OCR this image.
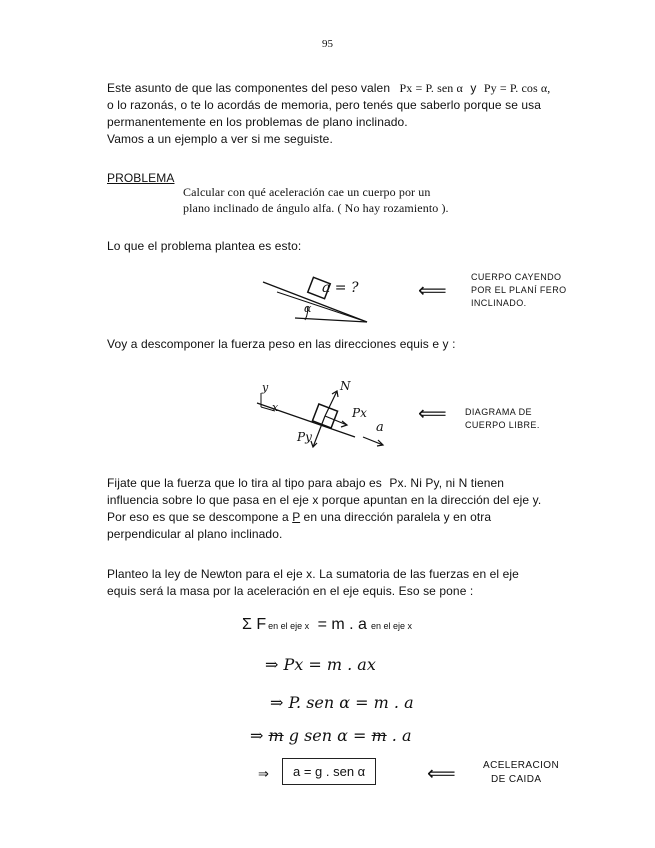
95
Este asunto de que las componentes del peso valen Px = P. sen α y Py = P. cos α,
o lo razonás, o te lo acordás de memoria, pero tenés que saberlo porque se usa
permanentemente en los problemas de plano inclinado.
Vamos a un ejemplo a ver si me seguiste.
PROBLEMA
Calcular con qué aceleración cae un cuerpo por un
plano inclinado de ángulo alfa. ( No hay rozamiento ).
Lo que el problema plantea es esto:
a = ?
α
⟸
CUERPO CAYENDO
POR EL PLANÍ FERO
INCLINADO.
Voy a descomponer la fuerza peso en las direcciones equis e y :
y
x
N
Px
Py
a
⟸ DIAGRAMA DE
CUERPO LIBRE.
Fijate que la fuerza que lo tira al tipo para abajo es Px. Ni Py, ni N tienen
influencia sobre lo que pasa en el eje x porque apuntan en la dirección del eje y.
Por eso es que se descompone a P en una dirección paralela y en otra
perpendicular al plano inclinado.
Planteo la ley de Newton para el eje x. La sumatoria de las fuerzas en el eje
equis será la masa por la aceleración en el eje equis. Eso se pone :
Σ F en el eje x = m . a en el eje x
⇒ Px = m . ax
⇒ P. sen α = m . a
⇒ m g sen α = m . a
⇒	a = g . sen α	⟸	ACELERACION
DE CAIDA
